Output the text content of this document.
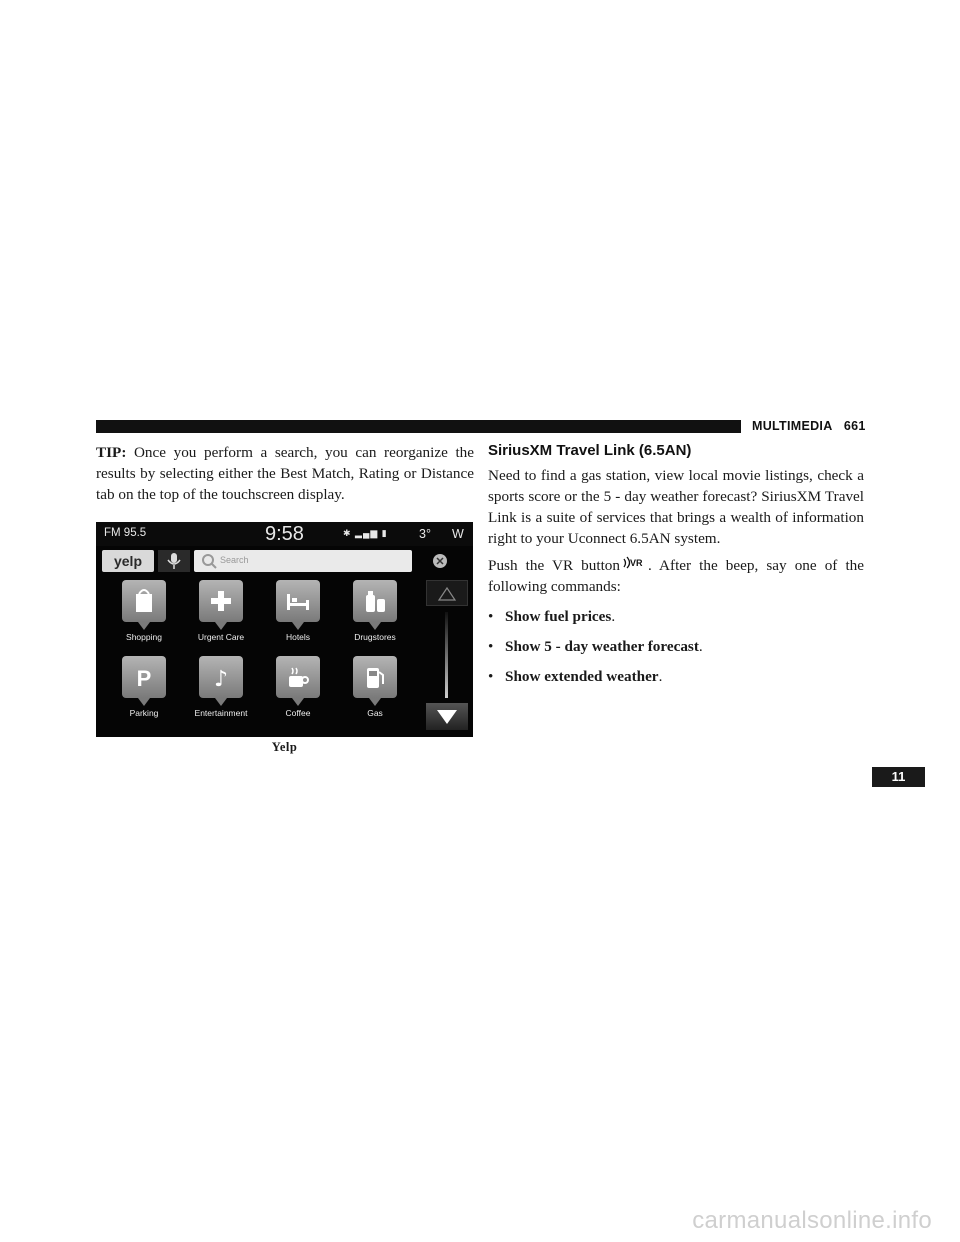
MULTIMEDIA 661

TIP: Once you perform a search, you can reorganize the results by selecting either the Best Match, Rating or Distance tab on the top of the touchscreen display.

FM 95.5	9:58	✱ ▂▄▆ ▮	3° W
yelp	Search
Shopping	Urgent Care	Hotels	Drugstores
P
Parking
♪
Entertainment	Coffee	Gas
Yelp
SiriusXM Travel Link (6.5AN)

Need to find a gas station, view local movie listings, check a sports score or the 5 - day weather forecast? SiriusXM Travel Link is a suite of services that brings a wealth of information right to your Uconnect 6.5AN system.

Push the VR button VR . After the beep, say one of the following commands:

• Show fuel prices.
• Show 5 - day weather forecast.
• Show extended weather.
11
carmanualsonline.info
